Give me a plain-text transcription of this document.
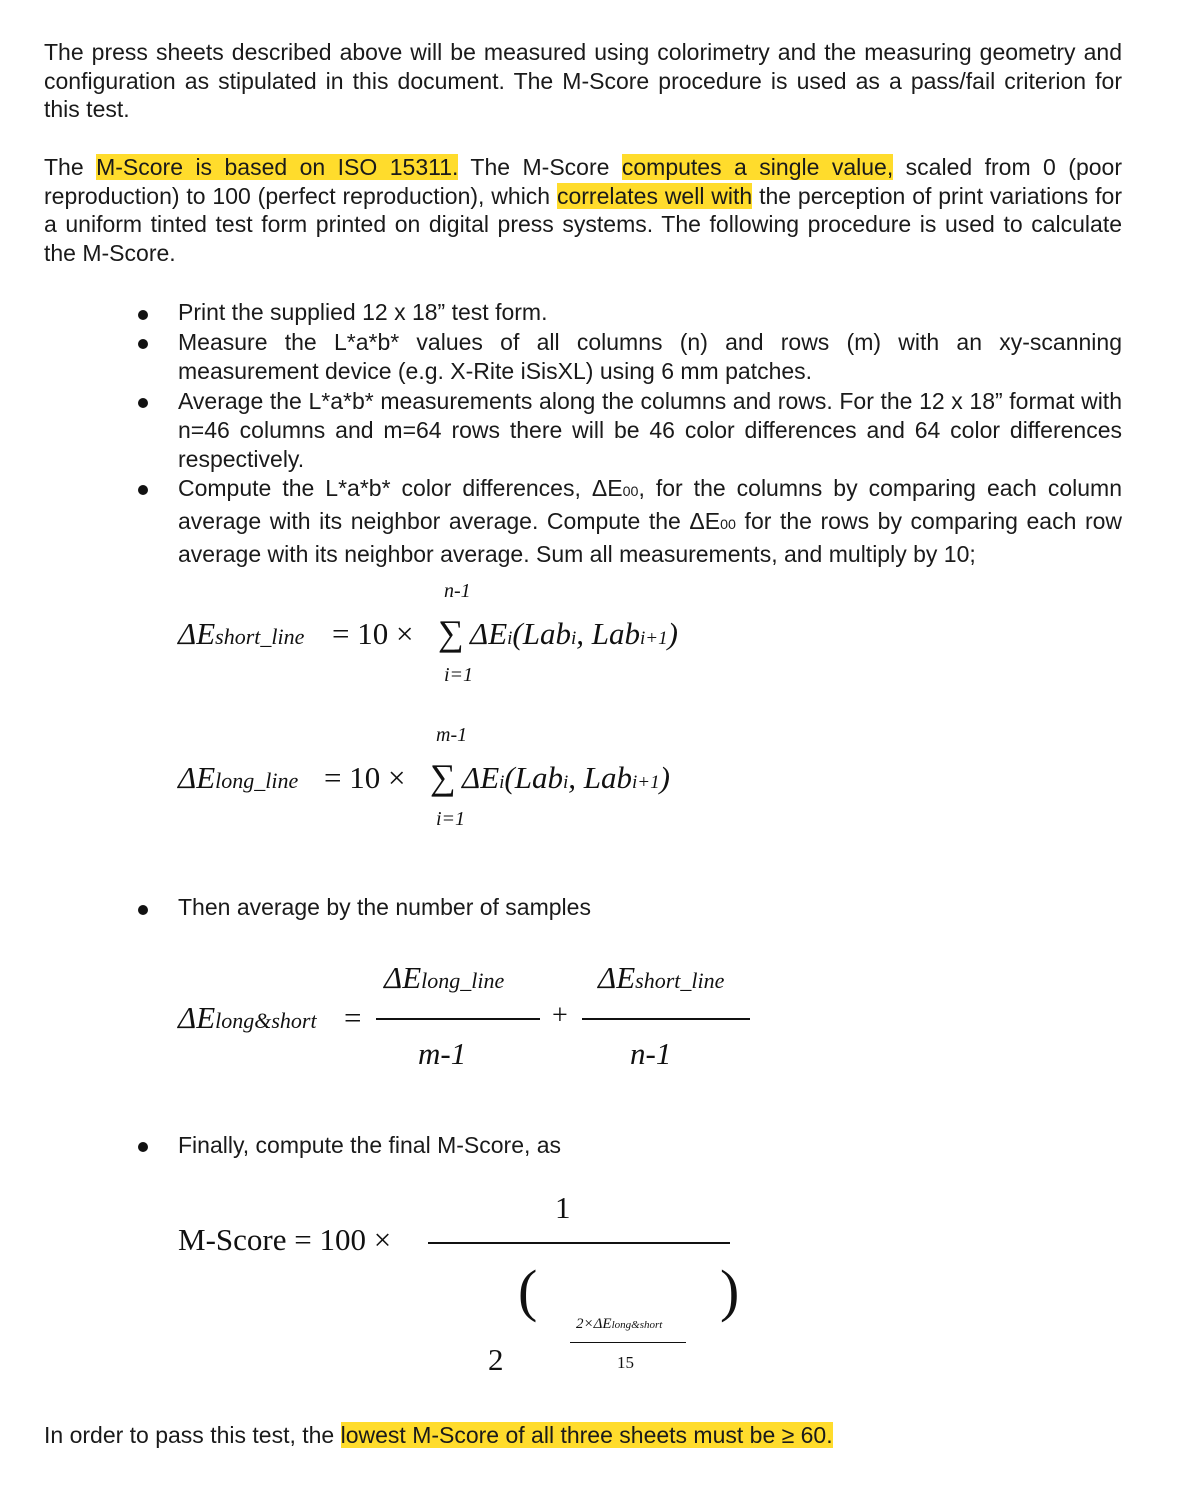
The press sheets described above will be measured using colorimetry and the measuring geometry and configuration as stipulated in this document. The M-Score procedure is used as a pass/fail criterion for this test.

The M-Score is based on ISO 15311. The M-Score computes a single value, scaled from 0 (poor reproduction) to 100 (perfect reproduction), which correlates well with the perception of print variations for a uniform tinted test form printed on digital press systems. The following procedure is used to calculate the M-Score.

Print the supplied 12 x 18” test form.

Measure the L*a*b* values of all columns (n) and rows (m) with an xy-scanning measurement device (e.g. X-Rite iSisXL) using 6 mm patches.

Average the L*a*b* measurements along the columns and rows. For the 12 x 18” format with n=46 columns and m=64 rows there will be 46 color differences and 64 color differences respectively.

Compute the L*a*b* color differences, ΔE00, for the columns by comparing each column average with its neighbor average. Compute the ΔE00 for the rows by comparing each row average with its neighbor average. Sum all measurements, and multiply by 10;

n-1
ΔEshort_line = 10 × ∑ ΔEi(Labi, Labi+1)
i=1
m-1
ΔElong_line = 10 × ∑ ΔEi(Labi, Labi+1)
i=1

Then average by the number of samples

ΔElong_line	ΔEshort_line
ΔElong&short =	+
m-1	n-1

Finally, compute the final M-Score, as

1
M-Score = 100 ×
(
2×ΔElong&short
15
)
2

In order to pass this test, the lowest M-Score of all three sheets must be ≥ 60.
